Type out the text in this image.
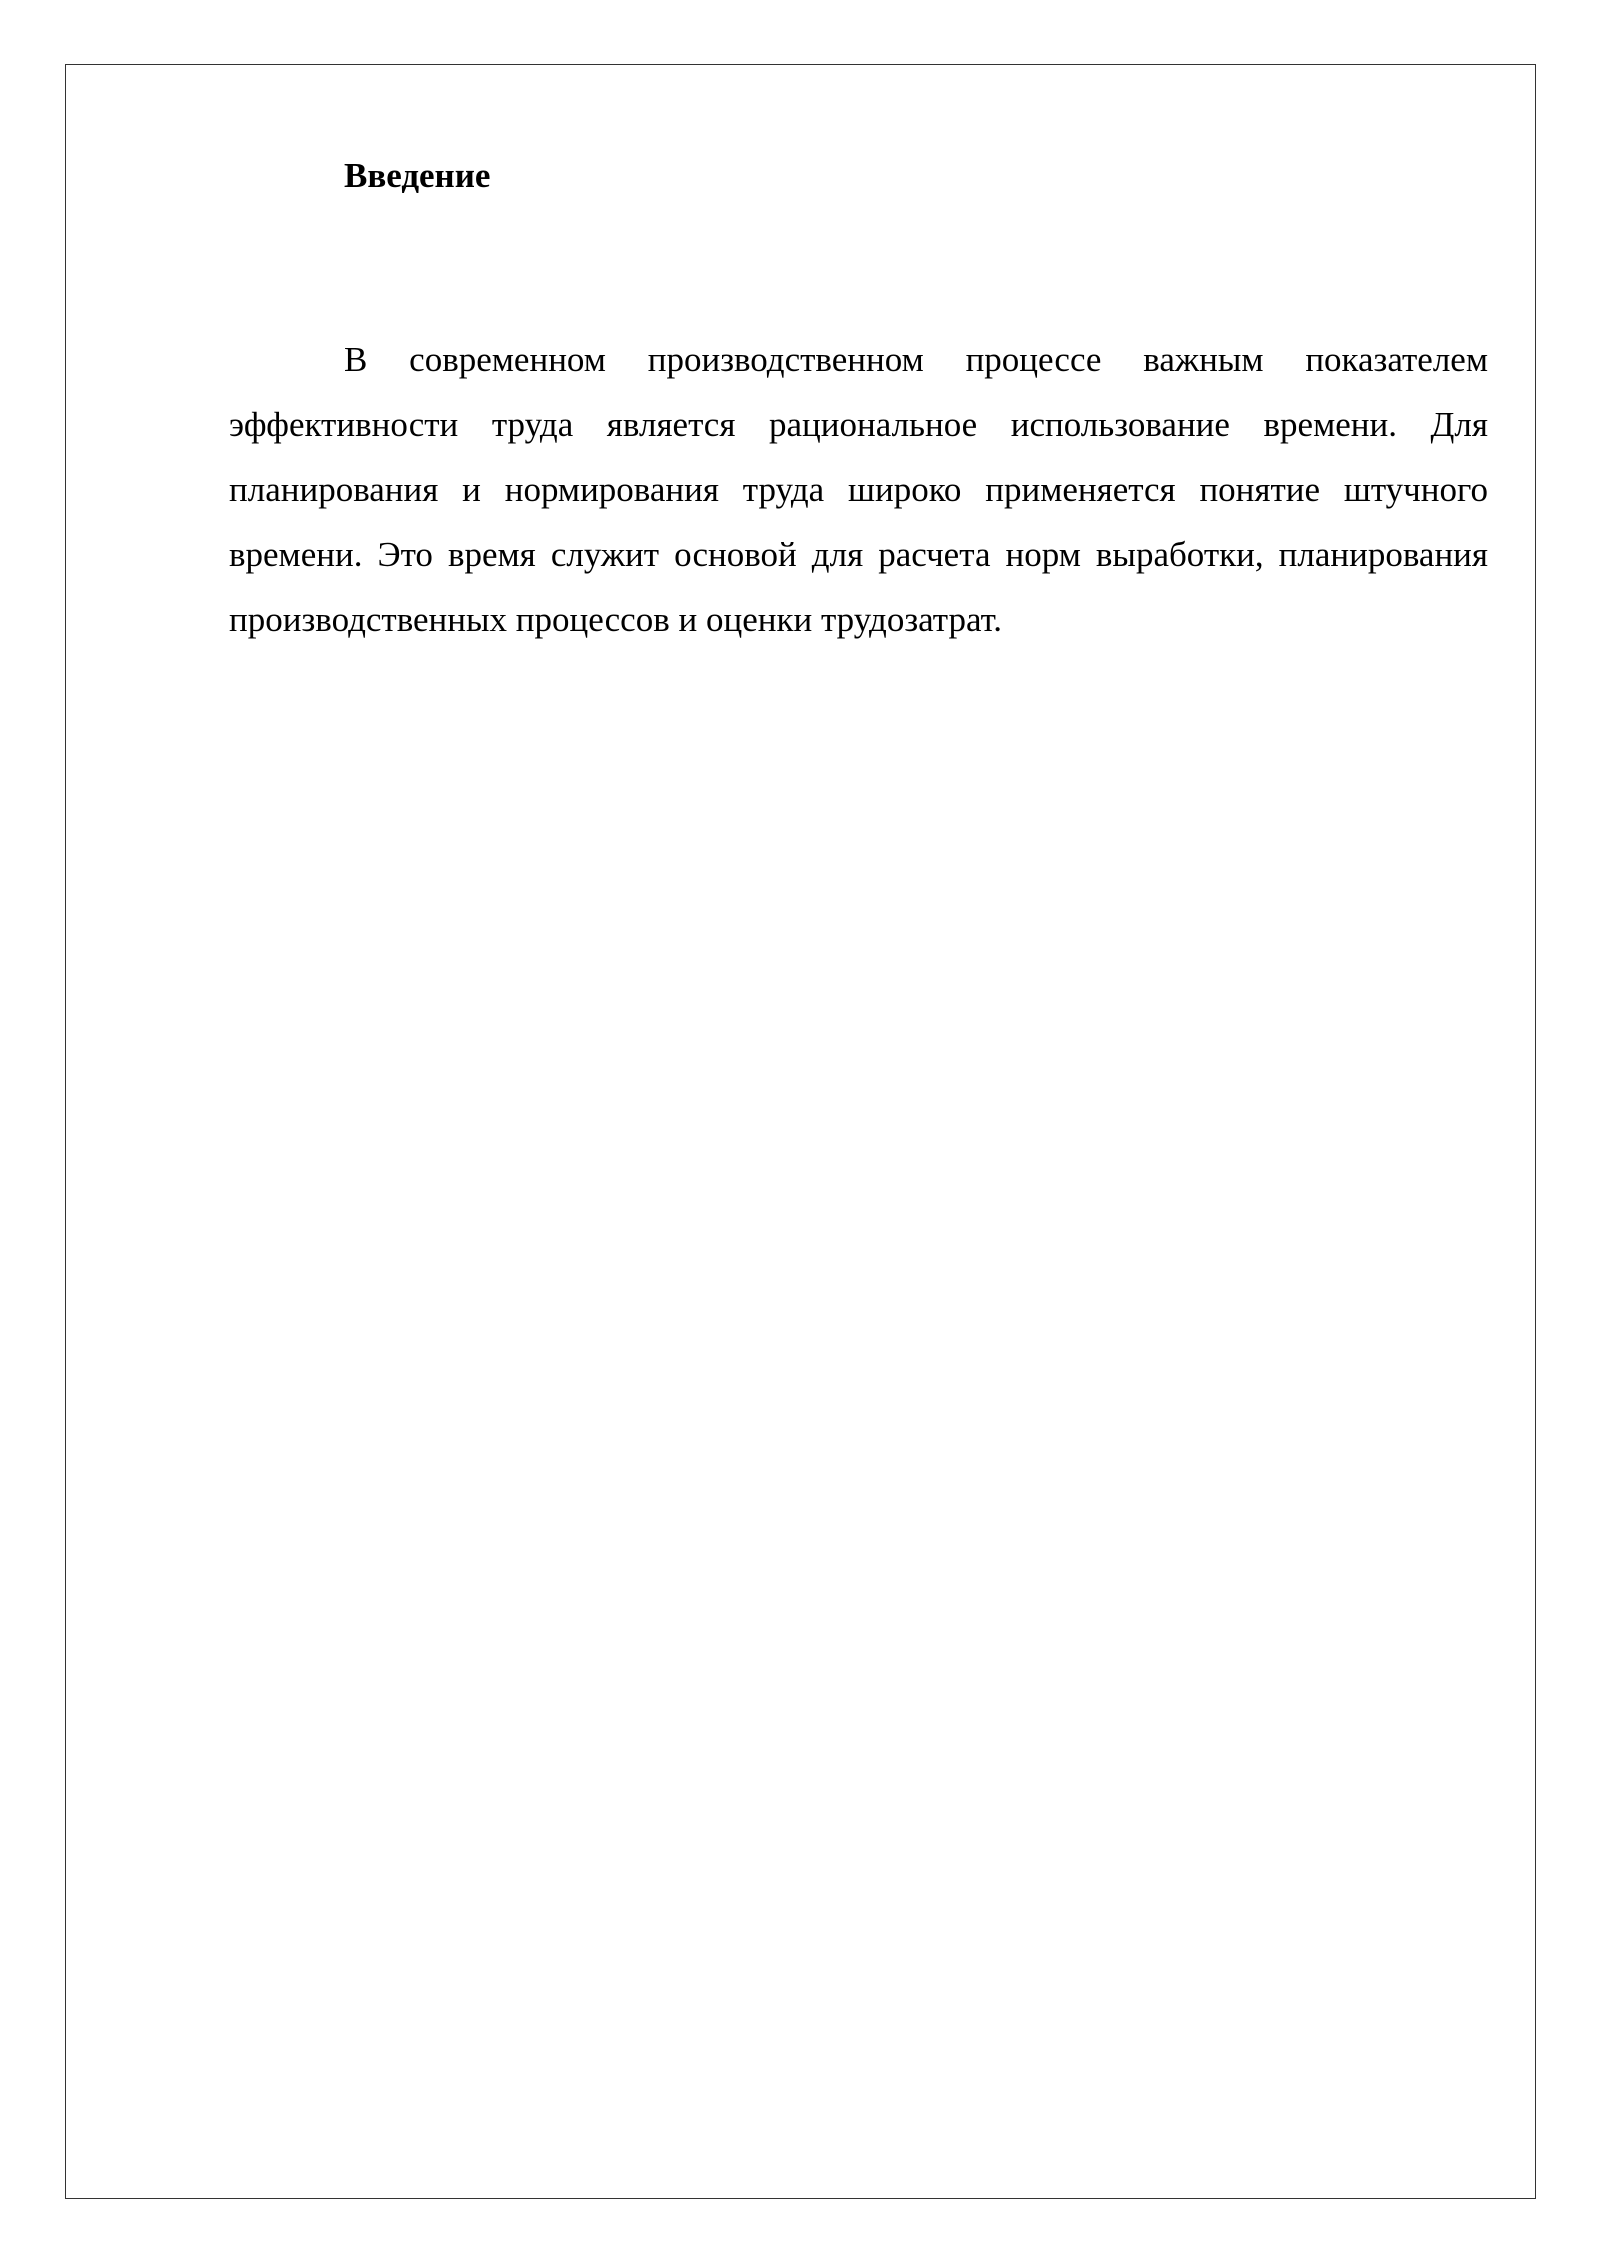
Введение

В современном производственном процессе важным показателем эффективности труда является рациональное использование времени. Для планирования и нормирования труда широко применяется понятие штучного времени. Это время служит основой для расчета норм выработки, планирования производственных процессов и оценки трудозатрат.
